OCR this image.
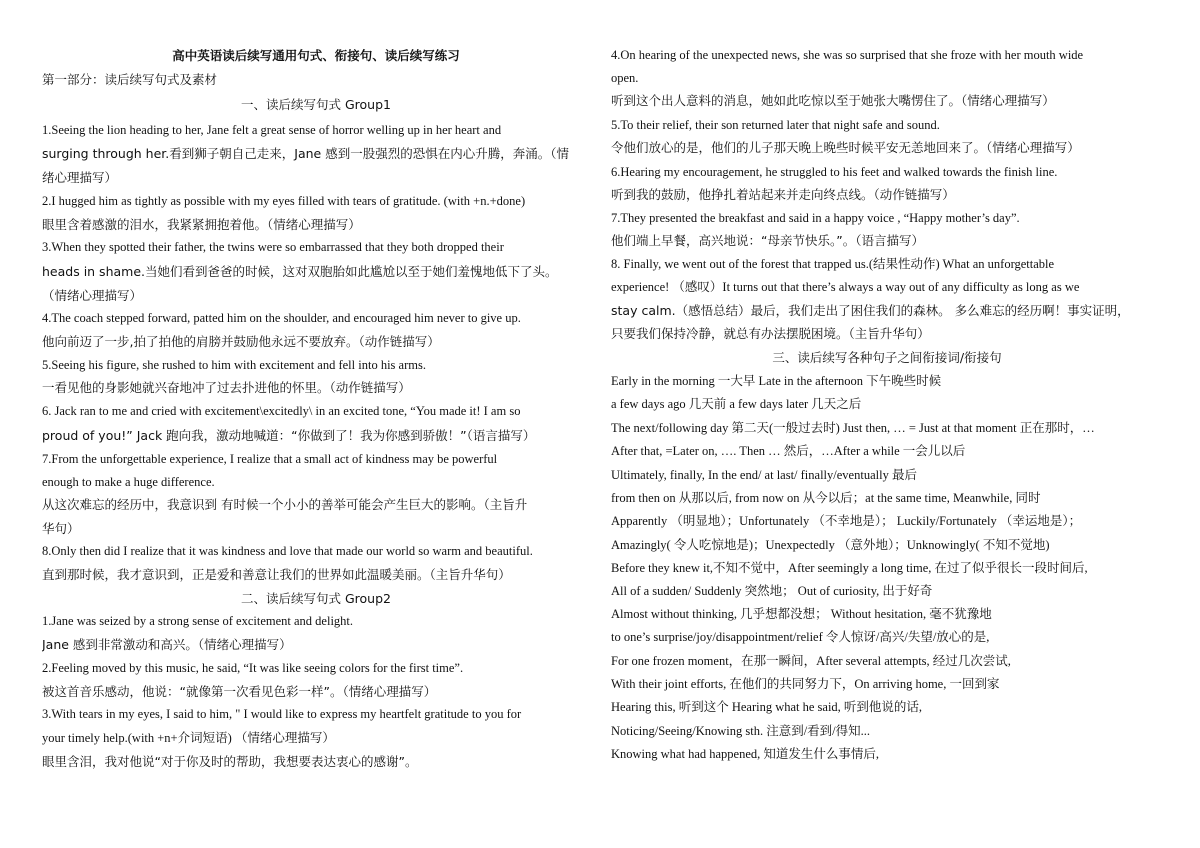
高中英语读后续写通用句式、衔接句、读后续写练习
第一部分：读后续写句式及素材
一、读后续写句式 Group1
1.Seeing the lion heading to her, Jane felt a great sense of horror welling up in her heart and
surging through her.看到狮子朝自己走来，Jane 感到一股强烈的恐惧在内心升腾，奔涌。（情
绪心理描写）
2.I hugged him as tightly as possible with my eyes filled with tears of gratitude. (with +n.+done)
眼里含着感激的泪水，我紧紧拥抱着他。（情绪心理描写）
3.When they spotted their father, the twins were so embarrassed that they both dropped their
heads in shame.当她们看到爸爸的时候，这对双胞胎如此尴尬以至于她们羞愧地低下了头。
（情绪心理描写）
4.The coach stepped forward, patted him on the shoulder, and encouraged him never to give up.
他向前迈了一步,拍了拍他的肩膀并鼓励他永远不要放弃。（动作链描写）
5.Seeing his figure, she rushed to him with excitement and fell into his arms.
一看见他的身影她就兴奋地冲了过去扑进他的怀里。（动作链描写）
6. Jack ran to me and cried with excitement\excitedly\ in an excited tone, “You made it! I am so
proud of you!” Jack 跑向我，激动地喊道：“你做到了！我为你感到骄傲！”（语言描写）
7.From the unforgettable experience, I realize that a small act of kindness may be powerful
enough to make a huge difference.
从这次难忘的经历中，我意识到 有时候一个小小的善举可能会产生巨大的影响。（主旨升
华句）
8.Only then did I realize that it was kindness and love that made our world so warm and beautiful.
直到那时候，我才意识到，正是爱和善意让我们的世界如此温暖美丽。（主旨升华句）
二、读后续写句式 Group2
1.Jane was seized by a strong sense of excitement and delight.
Jane 感到非常激动和高兴。（情绪心理描写）
2.Feeling moved by this music, he said, “It was like seeing colors for the first time”.
被这首音乐感动，他说：“就像第一次看见色彩一样”。（情绪心理描写）
3.With tears in my eyes, I said to him, " I would like to express my heartfelt gratitude to you for
your timely help.(with +n+介词短语) （情绪心理描写）
眼里含泪，我对他说“对于你及时的帮助，我想要表达衷心的感谢”。
4.On hearing of the unexpected news, she was so surprised that she froze with her mouth wide
open.
听到这个出人意料的消息，她如此吃惊以至于她张大嘴愣住了。（情绪心理描写）
5.To their relief, their son returned later that night safe and sound.
令他们放心的是，他们的儿子那天晚上晚些时候平安无恙地回来了。（情绪心理描写）
6.Hearing my encouragement, he struggled to his feet and walked towards the finish line.
听到我的鼓励，他挣扎着站起来并走向终点线。（动作链描写）
7.They presented the breakfast and said in a happy voice , “Happy mother’s day”.
他们端上早餐，高兴地说：“母亲节快乐。”。（语言描写）
8. Finally, we went out of the forest that trapped us.(结果性动作) What an unforgettable
experience! （感叹）It turns out that there’s always a way out of any difficulty as long as we
stay calm.（感悟总结）最后，我们走出了困住我们的森林。 多么难忘的经历啊！事实证明，
只要我们保持冷静，就总有办法摆脱困境。（主旨升华句）
三、读后续写各种句子之间衔接词/衔接句
Early in the morning 一大早 Late in the afternoon 下午晚些时候
a few days ago 几天前 a few days later 几天之后
The next/following day 第二天(一般过去时) Just then, … = Just at that moment 正在那时，…
After that, =Later on, …. Then … 然后，…After a while 一会儿以后
Ultimately, finally, In the end/ at last/ finally/eventually 最后
from then on 从那以后, from now on 从今以后；at the same time, Meanwhile, 同时
Apparently （明显地）；Unfortunately （不幸地是）； Luckily/Fortunately （幸运地是）；
Amazingly( 令人吃惊地是)；Unexpectedly （意外地）；Unknowingly( 不知不觉地)
Before they knew it,不知不觉中，After seemingly a long time, 在过了似乎很长一段时间后,
All of a sudden/ Suddenly 突然地； Out of curiosity, 出于好奇
Almost without thinking, 几乎想都没想； Without hesitation, 毫不犹豫地
to one’s surprise/joy/disappointment/relief 令人惊讶/高兴/失望/放心的是,
For one frozen moment，在那一瞬间，After several attempts, 经过几次尝试,
With their joint efforts, 在他们的共同努力下，On arriving home, 一回到家
Hearing this, 听到这个 Hearing what he said, 听到他说的话,
Noticing/Seeing/Knowing sth. 注意到/看到/得知...
Knowing what had happened, 知道发生什么事情后,
